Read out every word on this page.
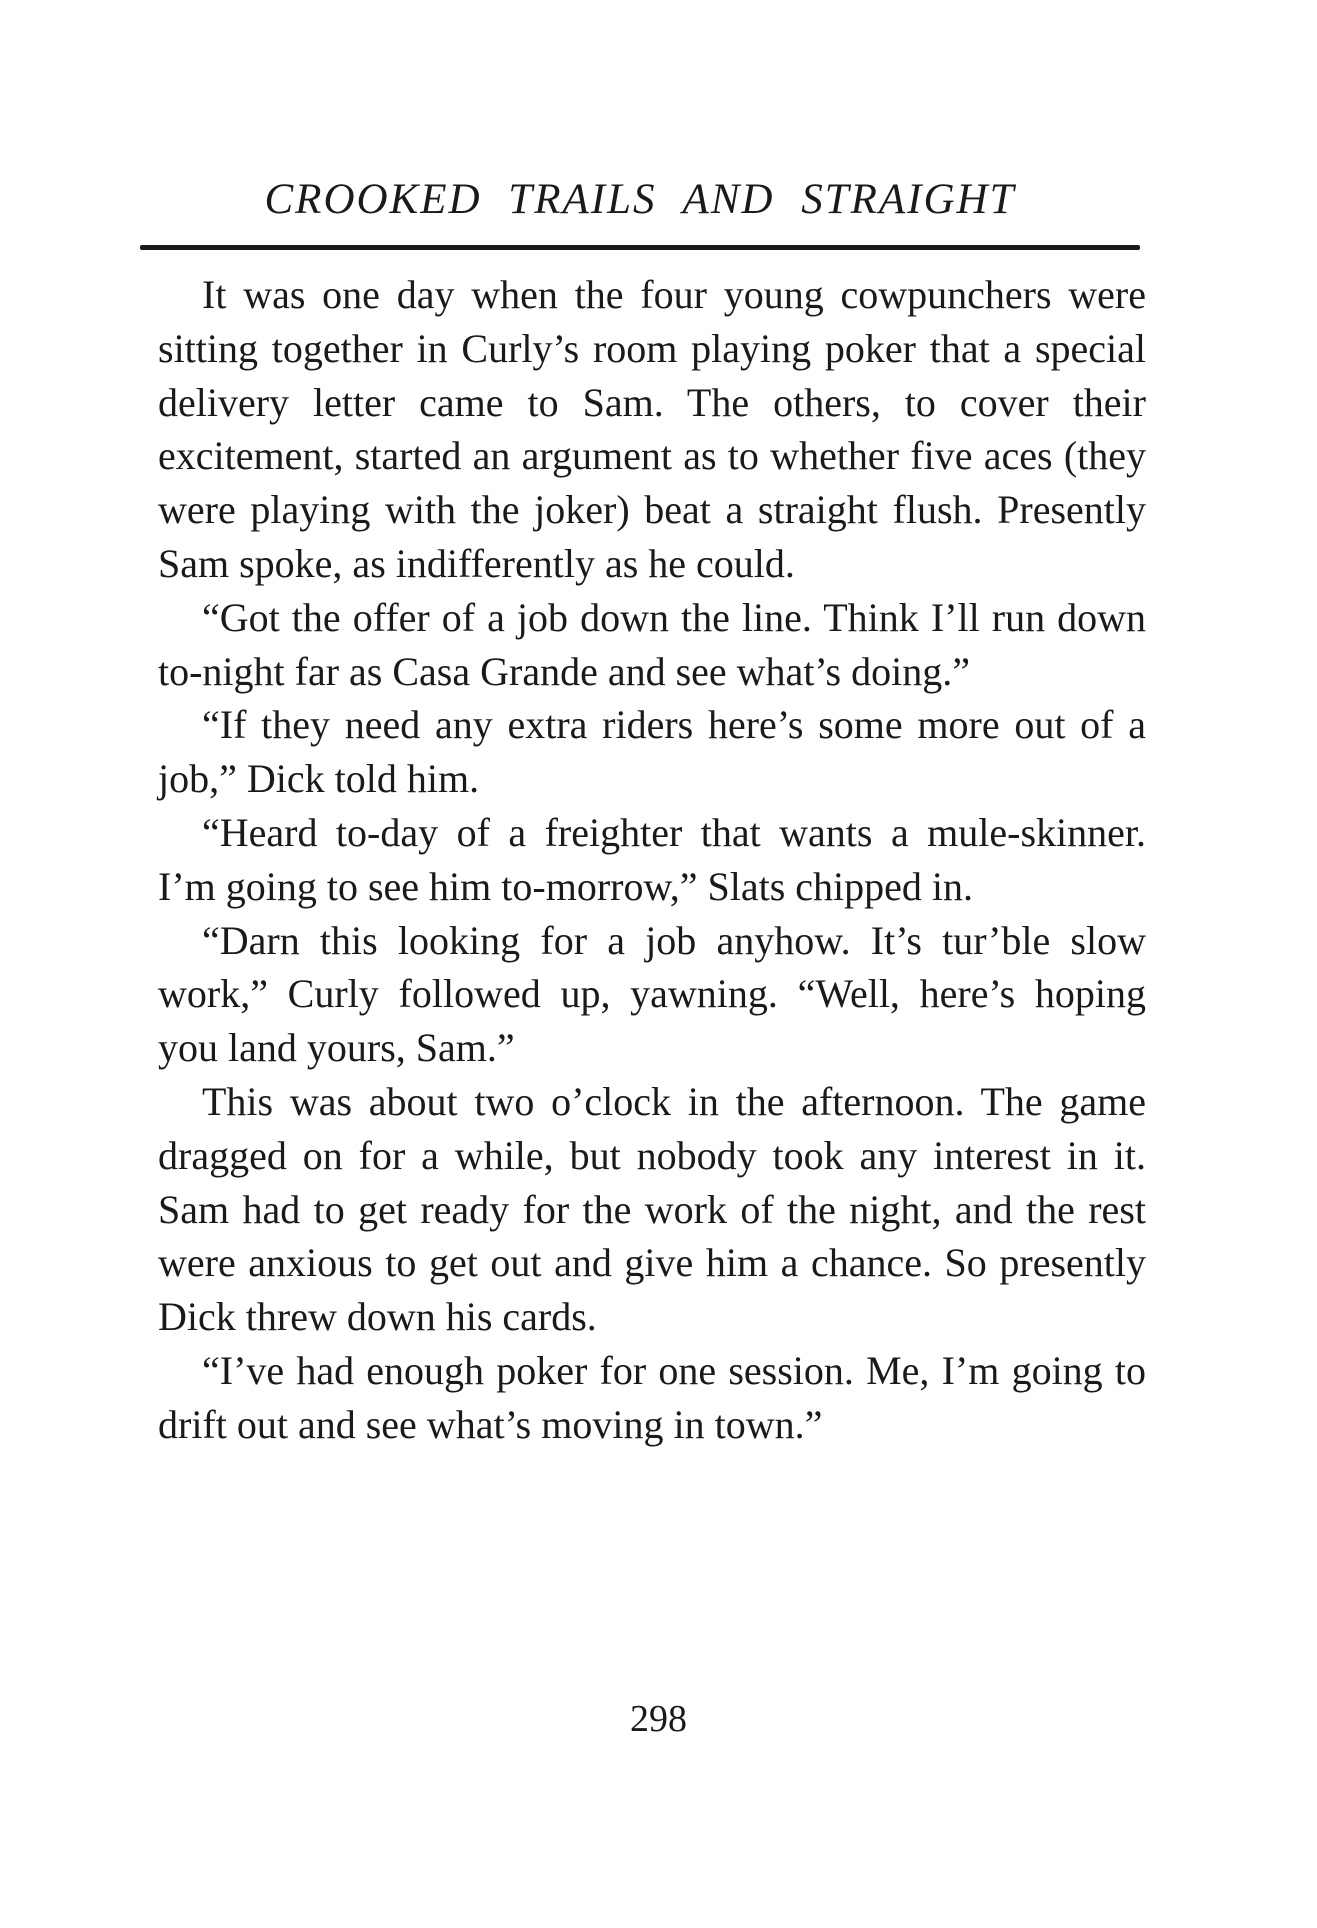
CROOKED TRAILS AND STRAIGHT

It was one day when the four young cowpunchers were sitting together in Curly’s room playing poker that a special delivery letter came to Sam. The others, to cover their excitement, started an argument as to whether five aces (they were playing with the joker) beat a straight flush. Presently Sam spoke, as indifferently as he could.

“Got the offer of a job down the line. Think I’ll run down to-night far as Casa Grande and see what’s doing.”

“If they need any extra riders here’s some more out of a job,” Dick told him.

“Heard to-day of a freighter that wants a mule-skinner. I’m going to see him to-morrow,” Slats chipped in.

“Darn this looking for a job anyhow. It’s tur’ble slow work,” Curly followed up, yawning. “Well, here’s hoping you land yours, Sam.”

This was about two o’clock in the afternoon. The game dragged on for a while, but nobody took any interest in it. Sam had to get ready for the work of the night, and the rest were anxious to get out and give him a chance. So presently Dick threw down his cards.

“I’ve had enough poker for one session. Me, I’m going to drift out and see what’s moving in town.”

298
